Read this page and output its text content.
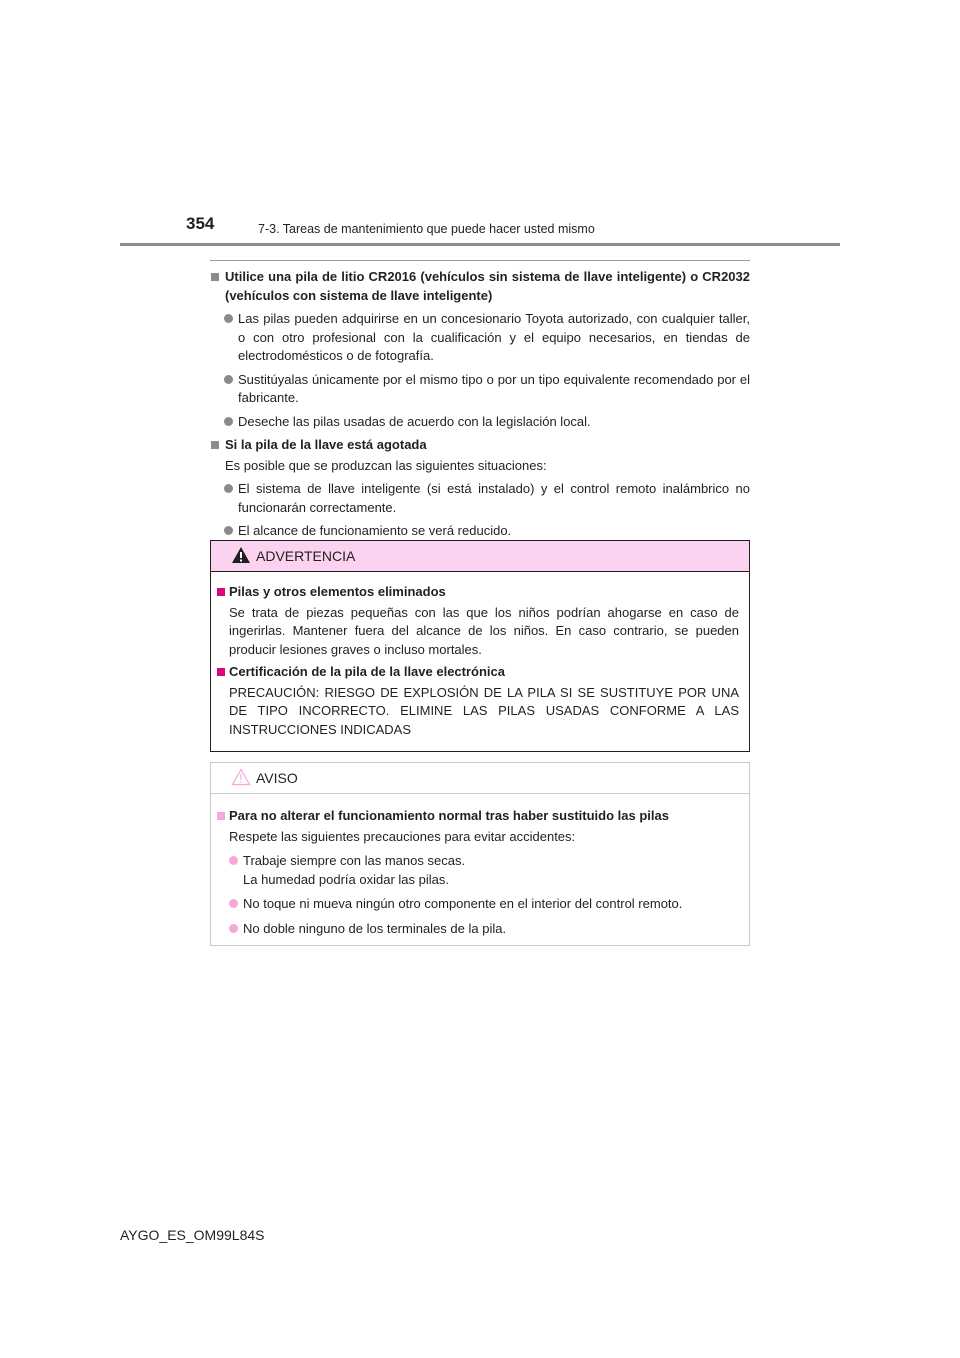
354	7-3. Tareas de mantenimiento que puede hacer usted mismo
Utilice una pila de litio CR2016 (vehículos sin sistema de llave inteligente) o CR2032 (vehículos con sistema de llave inteligente)
Las pilas pueden adquirirse en un concesionario Toyota autorizado, con cualquier taller, o con otro profesional con la cualificación y el equipo necesarios, en tiendas de electrodomésticos o de fotografía.
Sustitúyalas únicamente por el mismo tipo o por un tipo equivalente recomendado por el fabricante.
Deseche las pilas usadas de acuerdo con la legislación local.
Si la pila de la llave está agotada
Es posible que se produzcan las siguientes situaciones:
El sistema de llave inteligente (si está instalado) y el control remoto inalámbrico no funcionarán correctamente.
El alcance de funcionamiento se verá reducido.
ADVERTENCIA
Pilas y otros elementos eliminados
Se trata de piezas pequeñas con las que los niños podrían ahogarse en caso de ingerirlas. Mantener fuera del alcance de los niños. En caso contrario, se pueden producir lesiones graves o incluso mortales.
Certificación de la pila de la llave electrónica
PRECAUCIÓN: RIESGO DE EXPLOSIÓN DE LA PILA SI SE SUSTITUYE POR UNA DE TIPO INCORRECTO. ELIMINE LAS PILAS USADAS CONFORME A LAS INSTRUCCIONES INDICADAS
AVISO
Para no alterar el funcionamiento normal tras haber sustituido las pilas
Respete las siguientes precauciones para evitar accidentes:
Trabaje siempre con las manos secas.
La humedad podría oxidar las pilas.
No toque ni mueva ningún otro componente en el interior del control remoto.
No doble ninguno de los terminales de la pila.
AYGO_ES_OM99L84S
